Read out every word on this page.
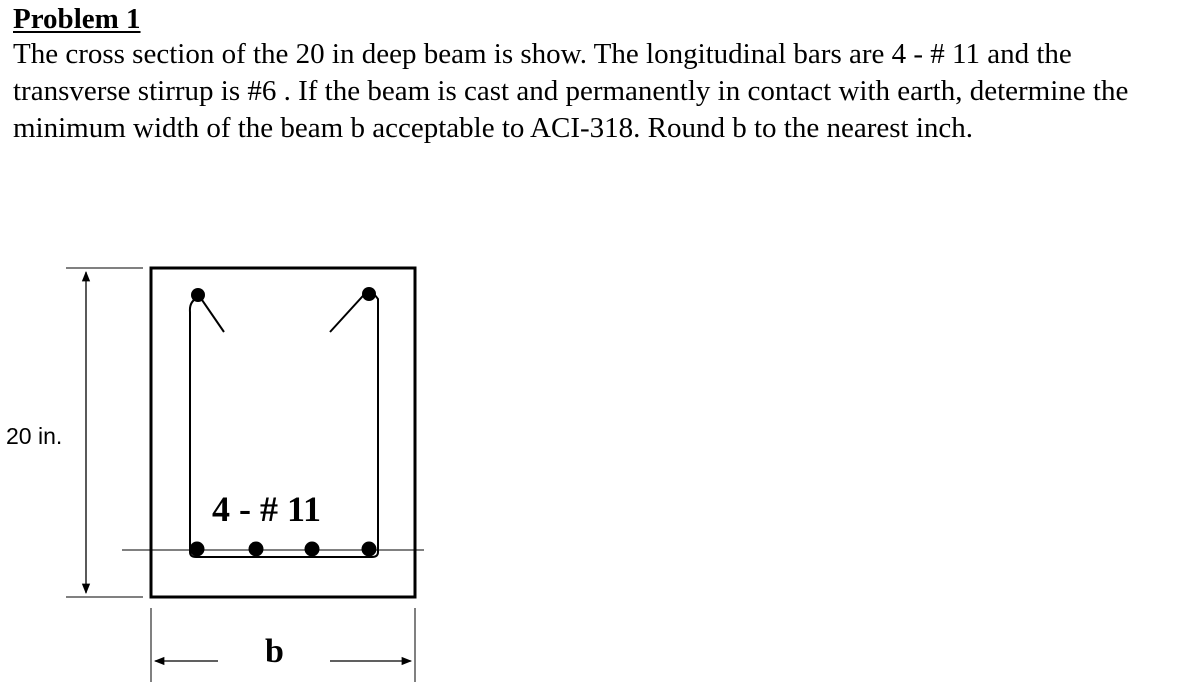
Problem 1

The cross section of the 20 in deep beam is show. The longitudinal bars are 4 - # 11 and the transverse stirrup is #6 . If the beam is cast and permanently in contact with earth, determine the minimum width of the beam b acceptable to ACI-318. Round b to the nearest inch.

20 in.
4 - # 11
b
